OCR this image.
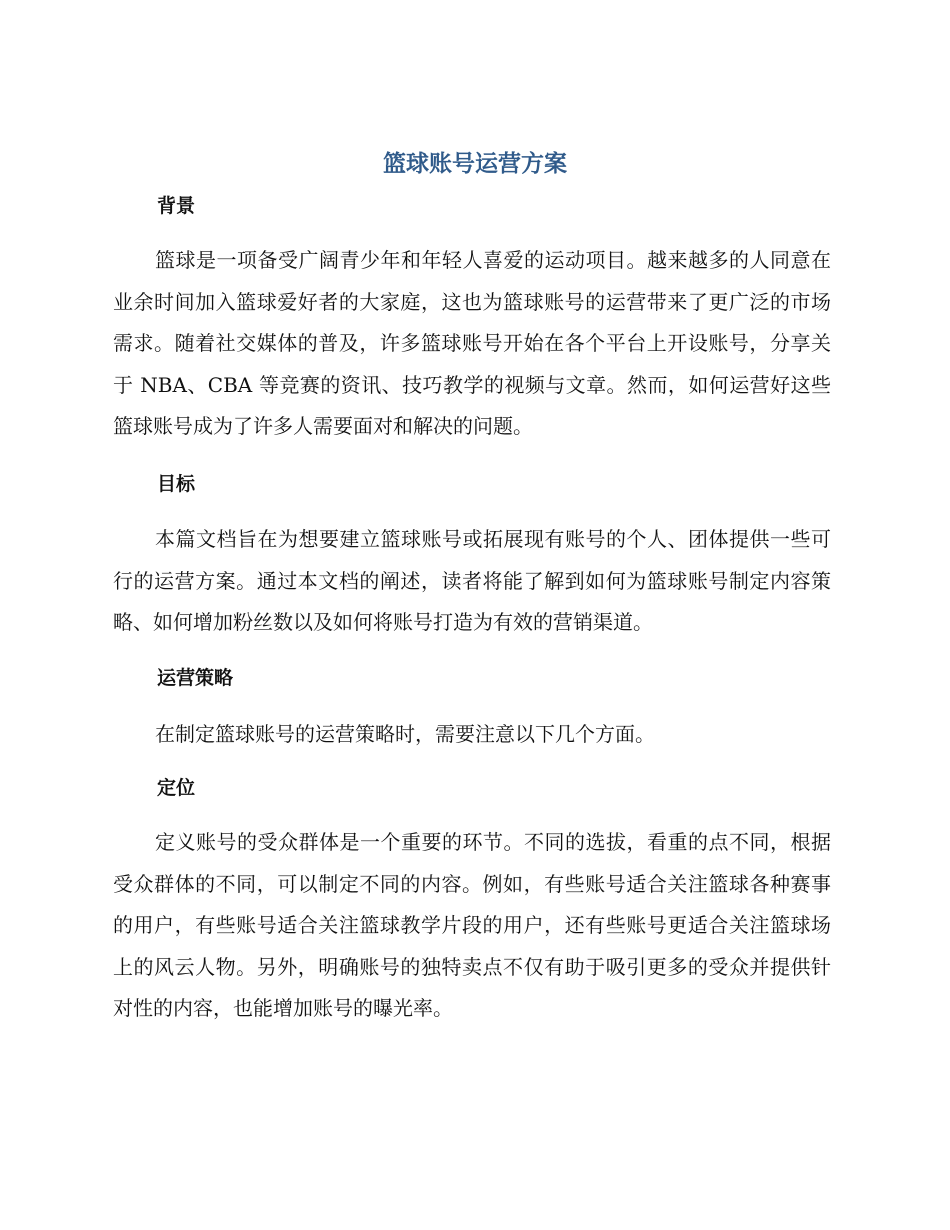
篮球账号运营方案
背景

篮球是一项备受广阔青少年和年轻人喜爱的运动项目。越来越多的人同意在业余时间加入篮球爱好者的大家庭，这也为篮球账号的运营带来了更广泛的市场需求。随着社交媒体的普及，许多篮球账号开始在各个平台上开设账号，分享关于 NBA、CBA 等竞赛的资讯、技巧教学的视频与文章。然而，如何运营好这些篮球账号成为了许多人需要面对和解决的问题。

目标

本篇文档旨在为想要建立篮球账号或拓展现有账号的个人、团体提供一些可行的运营方案。通过本文档的阐述，读者将能了解到如何为篮球账号制定内容策略、如何增加粉丝数以及如何将账号打造为有效的营销渠道。

运营策略

在制定篮球账号的运营策略时，需要注意以下几个方面。

定位

定义账号的受众群体是一个重要的环节。不同的选拔，看重的点不同，根据受众群体的不同，可以制定不同的内容。例如，有些账号适合关注篮球各种赛事的用户，有些账号适合关注篮球教学片段的用户，还有些账号更适合关注篮球场上的风云人物。另外，明确账号的独特卖点不仅有助于吸引更多的受众并提供针对性的内容，也能增加账号的曝光率。
